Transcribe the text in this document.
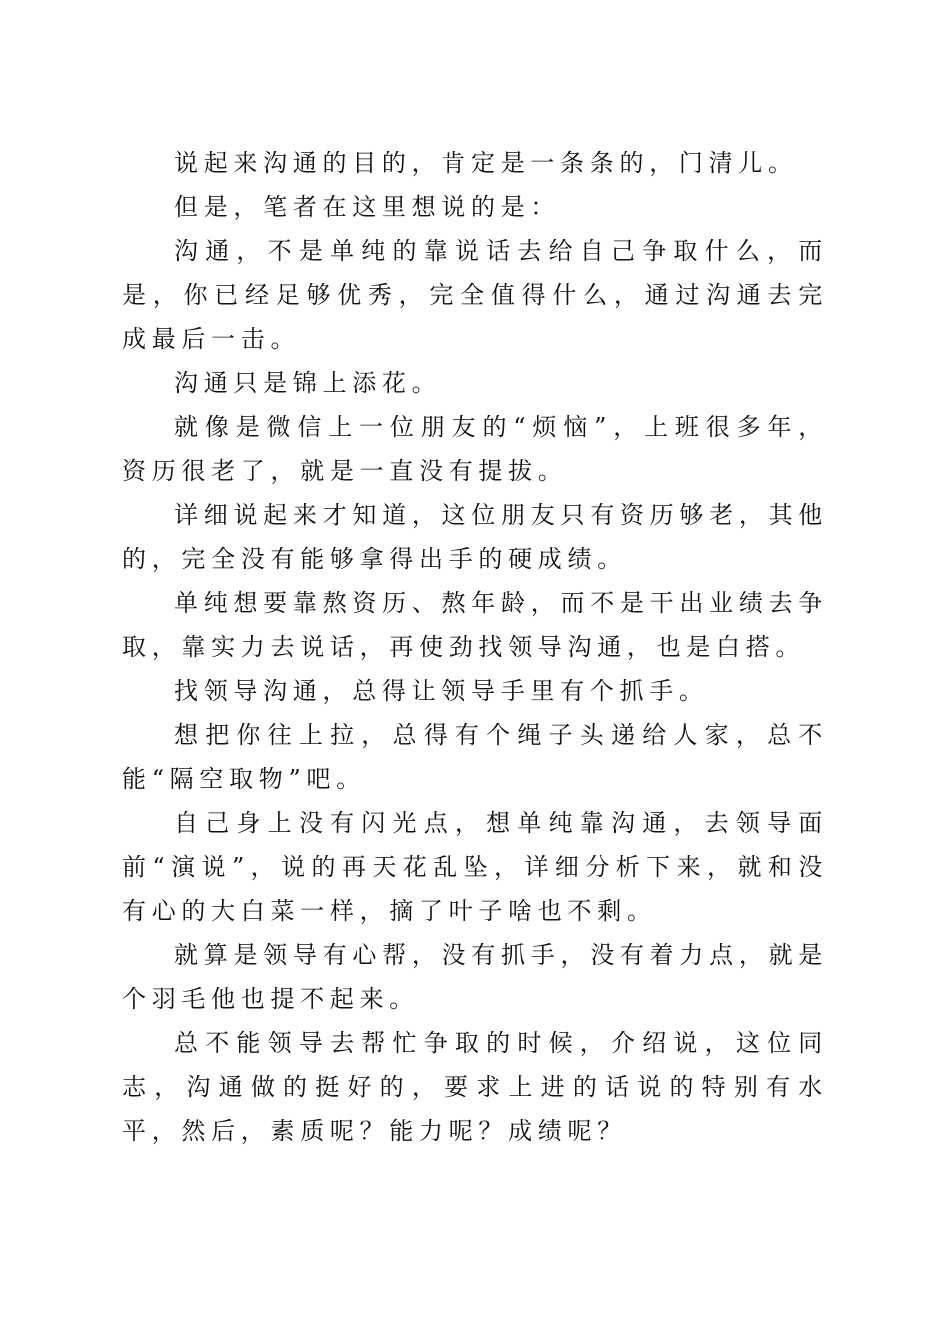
说起来沟通的目的，肯定是一条条的，门清儿。

但是，笔者在这里想说的是：

沟通，不是单纯的靠说话去给自己争取什么，而是，你已经足够优秀，完全值得什么，通过沟通去完成最后一击。

沟通只是锦上添花。

就像是微信上一位朋友的“烦恼”，上班很多年，资历很老了，就是一直没有提拔。

详细说起来才知道，这位朋友只有资历够老，其他的，完全没有能够拿得出手的硬成绩。

单纯想要靠熬资历、熬年龄，而不是干出业绩去争取，靠实力去说话，再使劲找领导沟通，也是白搭。

找领导沟通，总得让领导手里有个抓手。

想把你往上拉，总得有个绳子头递给人家，总不能“隔空取物”吧。

自己身上没有闪光点，想单纯靠沟通，去领导面前“演说”，说的再天花乱坠，详细分析下来，就和没有心的大白菜一样，摘了叶子啥也不剩。

就算是领导有心帮，没有抓手，没有着力点，就是个羽毛他也提不起来。

总不能领导去帮忙争取的时候，介绍说，这位同志，沟通做的挺好的，要求上进的话说的特别有水平，然后，素质呢？能力呢？成绩呢？
